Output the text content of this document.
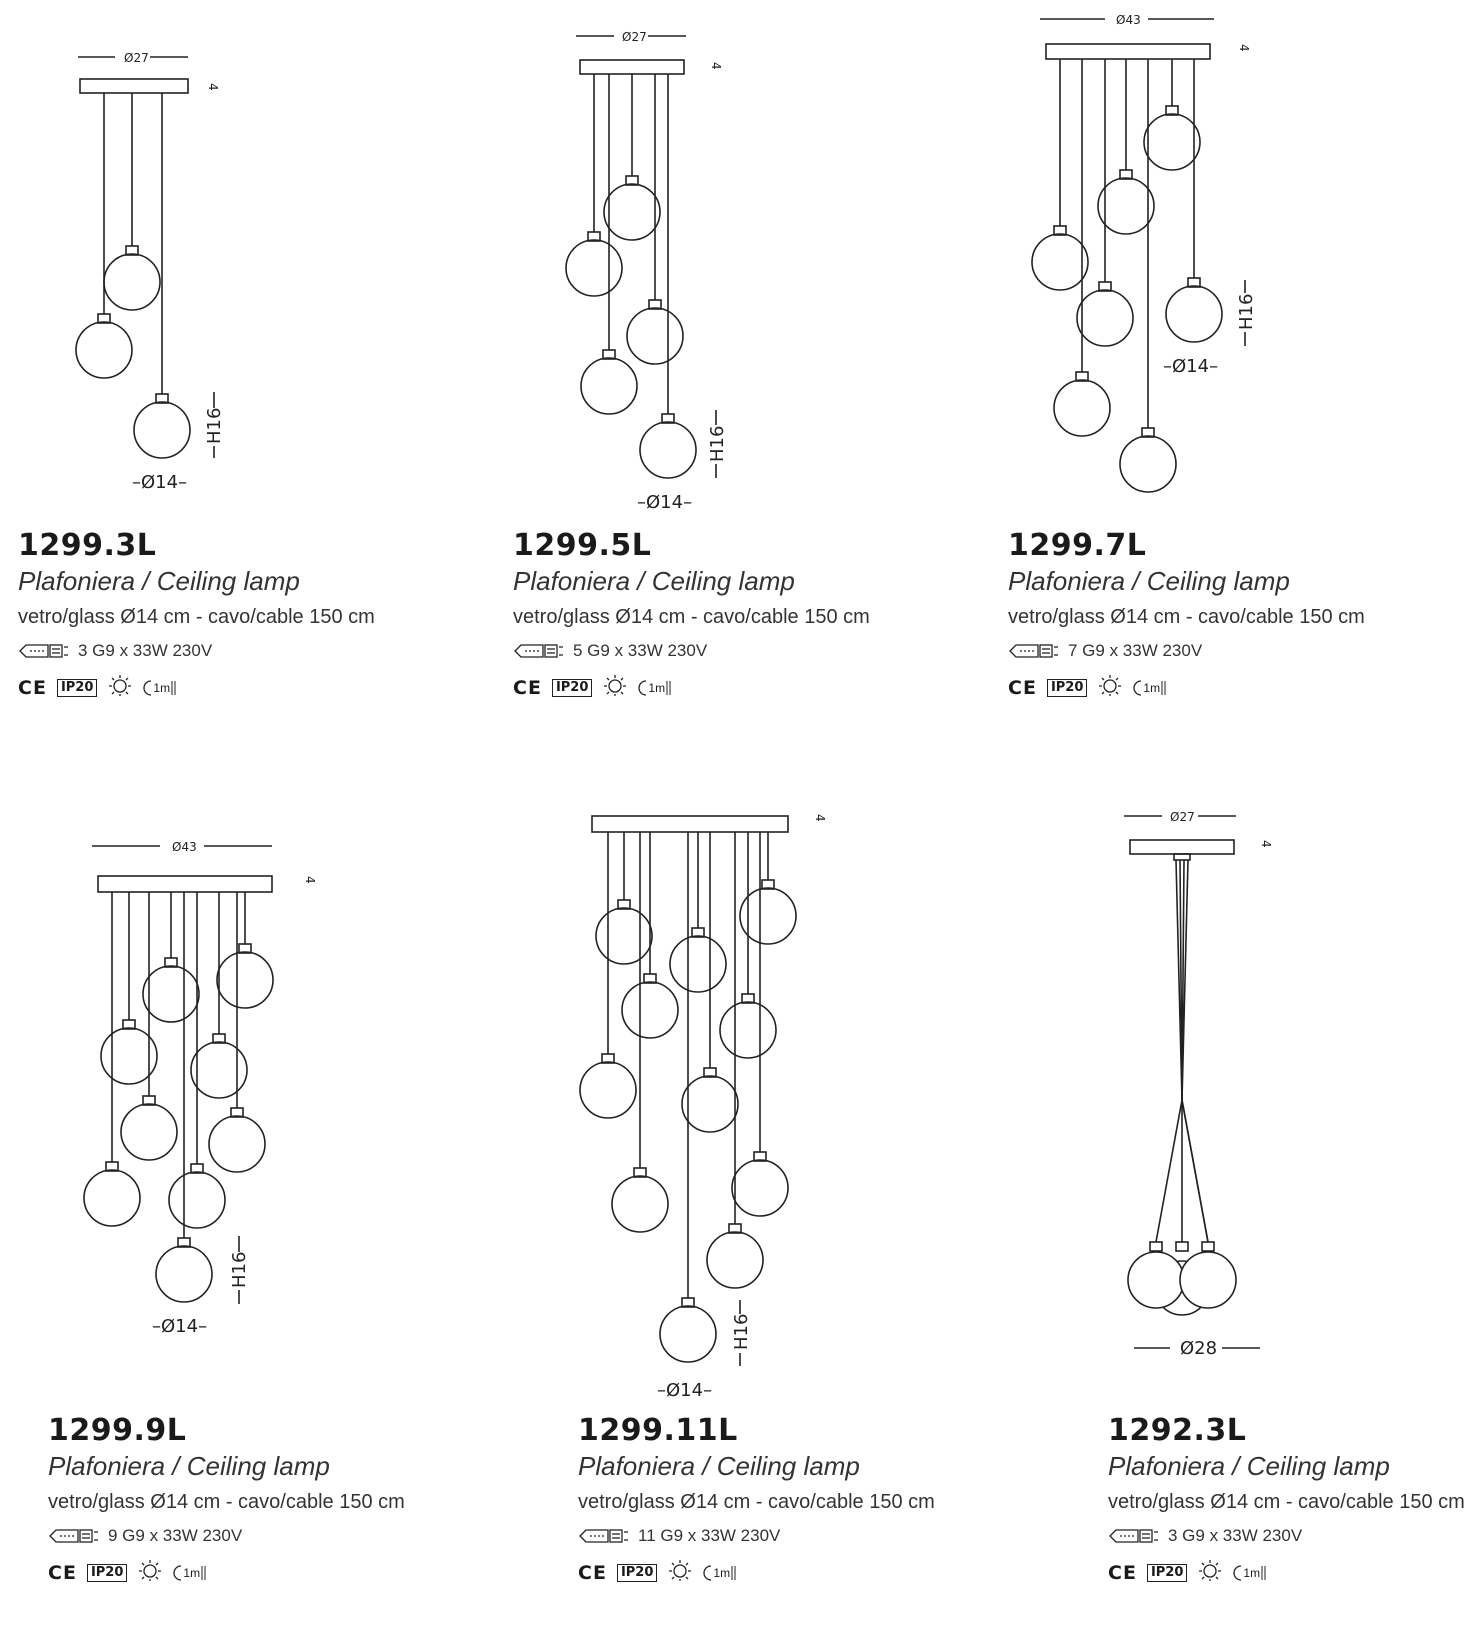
Ø27
4
H16
–Ø14–
1299.3L
Plafoniera / Ceiling lamp
vetro/glass Ø14 cm - cavo/cable 150 cm
3 G9 x 33W 230V
CE	IP20	1m
Ø27
4
H16
–Ø14–
1299.5L
Plafoniera / Ceiling lamp
vetro/glass Ø14 cm - cavo/cable 150 cm
5 G9 x 33W 230V
CE	IP20	1m
Ø43
4
H16
–Ø14–
1299.7L
Plafoniera / Ceiling lamp
vetro/glass Ø14 cm - cavo/cable 150 cm
7 G9 x 33W 230V
CE	IP20	1m
Ø43
4
H16
–Ø14–
1299.9L
Plafoniera / Ceiling lamp
vetro/glass Ø14 cm - cavo/cable 150 cm
9 G9 x 33W 230V
CE	IP20	1m
4
H16
–Ø14–
1299.11L
Plafoniera / Ceiling lamp
vetro/glass Ø14 cm - cavo/cable 150 cm
11 G9 x 33W 230V
CE	IP20	1m
Ø27
4
Ø28
1292.3L
Plafoniera / Ceiling lamp
vetro/glass Ø14 cm - cavo/cable 150 cm
3 G9 x 33W 230V
CE	IP20	1m
